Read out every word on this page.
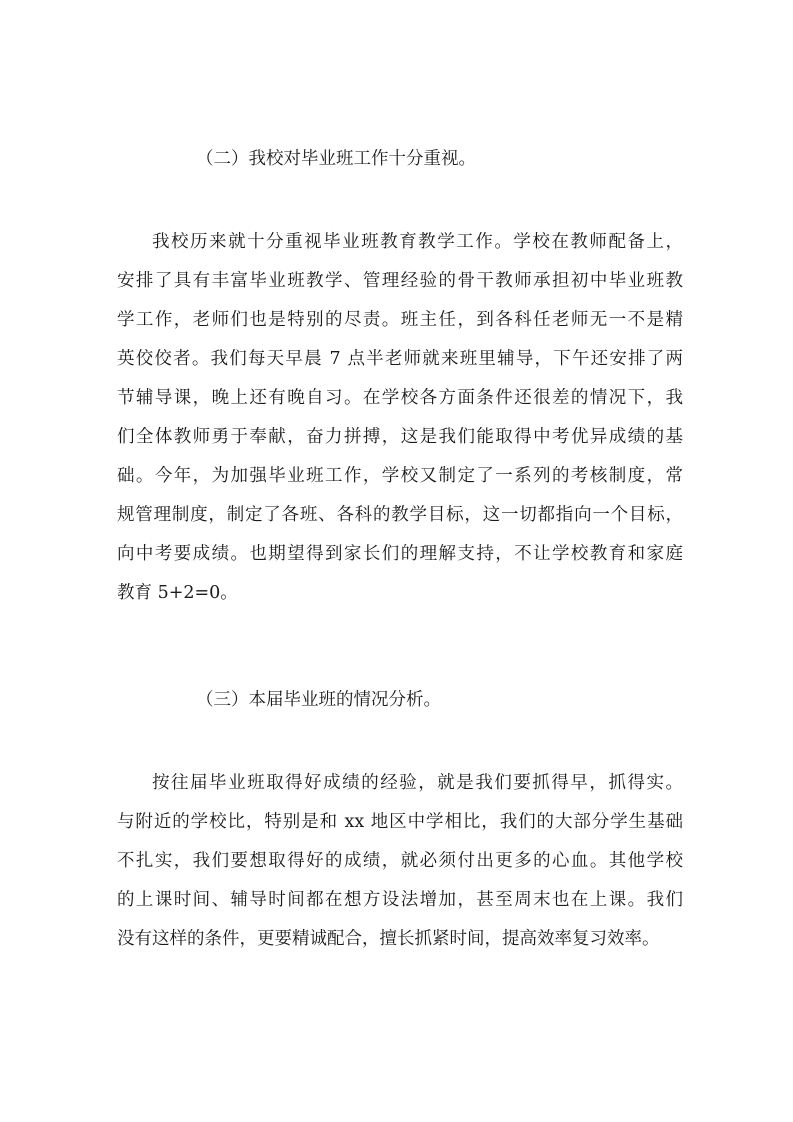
（二）我校对毕业班工作十分重视。
我校历来就十分重视毕业班教育教学工作。学校在教师配备上，
安排了具有丰富毕业班教学、管理经验的骨干教师承担初中毕业班教
学工作，老师们也是特别的尽责。班主任，到各科任老师无一不是精
英佼佼者。我们每天早晨 7 点半老师就来班里辅导，下午还安排了两
节辅导课，晚上还有晚自习。在学校各方面条件还很差的情况下，我
们全体教师勇于奉献，奋力拼搏，这是我们能取得中考优异成绩的基
础。今年，为加强毕业班工作，学校又制定了一系列的考核制度，常
规管理制度，制定了各班、各科的教学目标，这一切都指向一个目标，
向中考要成绩。也期望得到家长们的理解支持，不让学校教育和家庭
教育 5+2=0。
（三）本届毕业班的情况分析。
按往届毕业班取得好成绩的经验，就是我们要抓得早，抓得实。
与附近的学校比，特别是和 xx 地区中学相比，我们的大部分学生基础
不扎实，我们要想取得好的成绩，就必须付出更多的心血。其他学校
的上课时间、辅导时间都在想方设法增加，甚至周末也在上课。我们
没有这样的条件，更要精诚配合，擅长抓紧时间，提高效率复习效率。
